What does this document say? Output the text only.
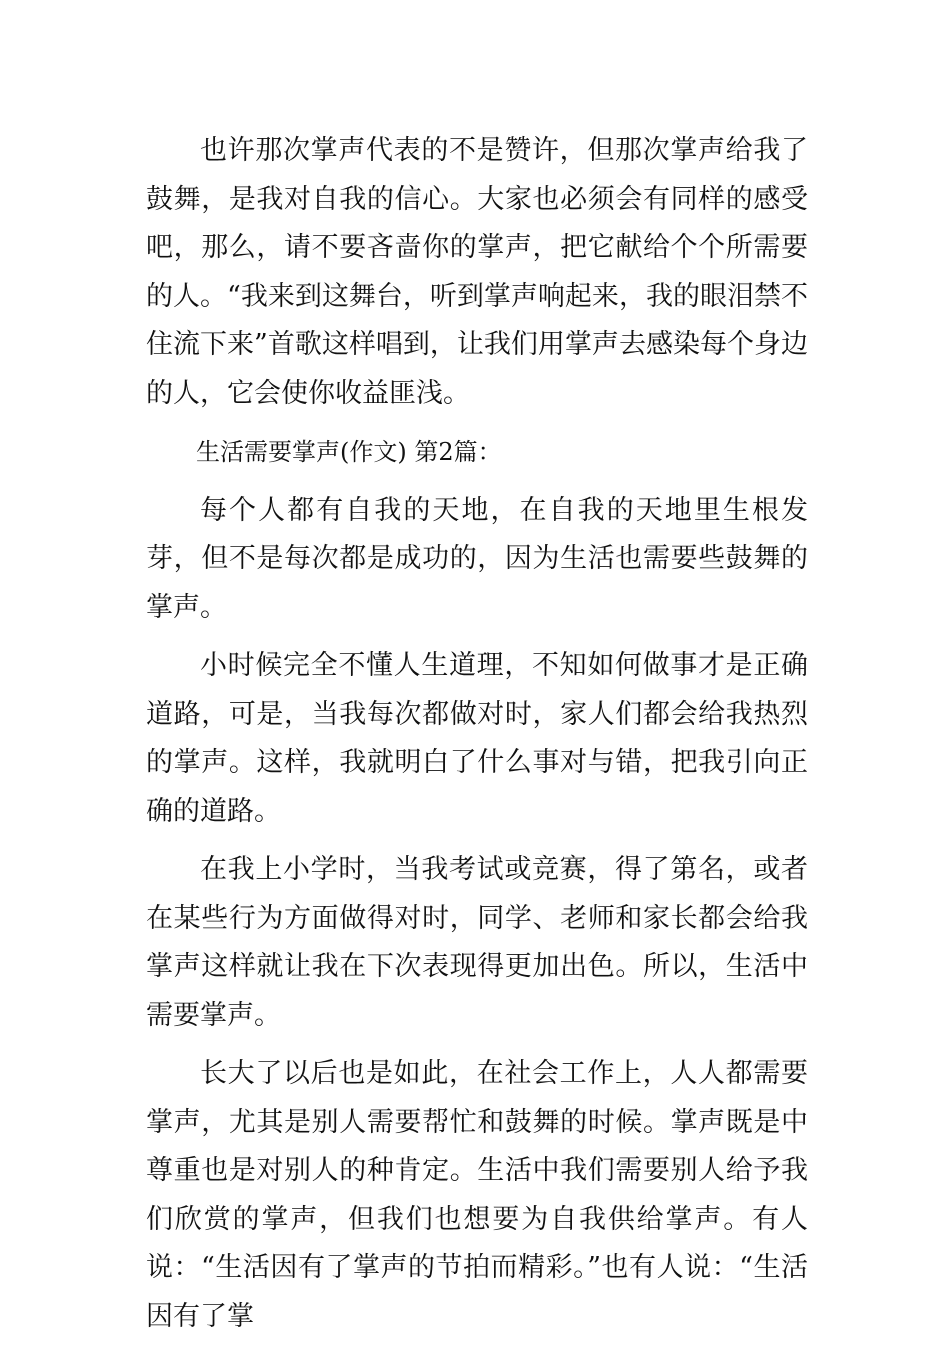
也许那次掌声代表的不是赞许，但那次掌声给我了鼓舞，是我对自我的信心。大家也必须会有同样的感受吧，那么，请不要吝啬你的掌声，把它献给个个所需要的人。“我来到这舞台，听到掌声响起来，我的眼泪禁不住流下来”首歌这样唱到，让我们用掌声去感染每个身边的人，它会使你收益匪浅。

生活需要掌声(作文) 第2篇：

每个人都有自我的天地，在自我的天地里生根发芽，但不是每次都是成功的，因为生活也需要些鼓舞的掌声。

小时候完全不懂人生道理，不知如何做事才是正确道路，可是，当我每次都做对时，家人们都会给我热烈的掌声。这样，我就明白了什么事对与错，把我引向正确的道路。

在我上小学时，当我考试或竞赛，得了第名，或者在某些行为方面做得对时，同学、老师和家长都会给我掌声这样就让我在下次表现得更加出色。所以，生活中需要掌声。

长大了以后也是如此，在社会工作上，人人都需要掌声，尤其是别人需要帮忙和鼓舞的时候。掌声既是中尊重也是对别人的种肯定。生活中我们需要别人给予我们欣赏的掌声，但我们也想要为自我供给掌声。有人说：“生活因有了掌声的节拍而精彩。”也有人说：“生活因有了掌
